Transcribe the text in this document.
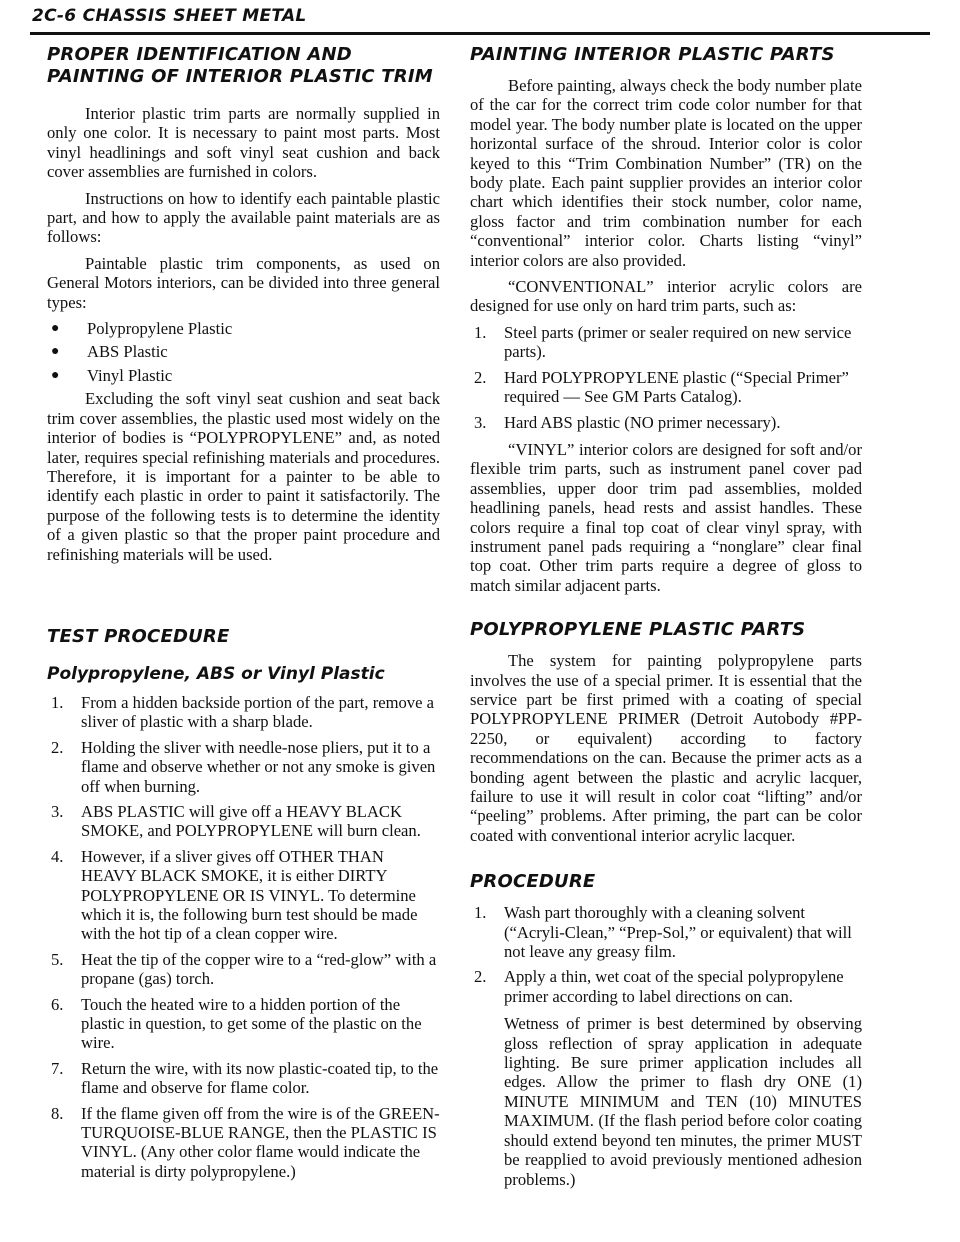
2C-6 CHASSIS SHEET METAL
PROPER IDENTIFICATION AND PAINTING OF INTERIOR PLASTIC TRIM

Interior plastic trim parts are normally supplied in only one color. It is necessary to paint most parts. Most vinyl headlinings and soft vinyl seat cushion and back cover assemblies are furnished in colors.

Instructions on how to identify each paintable plastic part, and how to apply the available paint materials are as follows:

Paintable plastic trim components, as used on General Motors interiors, can be divided into three general types:

● Polypropylene Plastic
● ABS Plastic
● Vinyl Plastic

Excluding the soft vinyl seat cushion and seat back trim cover assemblies, the plastic used most widely on the interior of bodies is “POLYPROPYLENE” and, as noted later, requires special refinishing materials and procedures. Therefore, it is important for a painter to be able to identify each plastic in order to paint it satisfactorily. The purpose of the following tests is to determine the identity of a given plastic so that the proper paint procedure and refinishing materials will be used.

TEST PROCEDURE
Polypropylene, ABS or Vinyl Plastic
1. From a hidden backside portion of the part, remove a sliver of plastic with a sharp blade.
2. Holding the sliver with needle-nose pliers, put it to a flame and observe whether or not any smoke is given off when burning.
3. ABS PLASTIC will give off a HEAVY BLACK SMOKE, and POLYPROPYLENE will burn clean.
4. However, if a sliver gives off OTHER THAN HEAVY BLACK SMOKE, it is either DIRTY POLYPROPYLENE OR IS VINYL. To determine which it is, the following burn test should be made with the hot tip of a clean copper wire.
5. Heat the tip of the copper wire to a “red-glow” with a propane (gas) torch.
6. Touch the heated wire to a hidden portion of the plastic in question, to get some of the plastic on the wire.
7. Return the wire, with its now plastic-coated tip, to the flame and observe for flame color.
8. If the flame given off from the wire is of the GREEN-TURQUOISE-BLUE RANGE, then the PLASTIC IS VINYL. (Any other color flame would indicate the material is dirty polypropylene.)
PAINTING INTERIOR PLASTIC PARTS

Before painting, always check the body number plate of the car for the correct trim code color number for that model year. The body number plate is located on the upper horizontal surface of the shroud. Interior color is color keyed to this “Trim Combination Number” (TR) on the body plate. Each paint supplier provides an interior color chart which identifies their stock number, color name, gloss factor and trim combination number for each “conventional” interior color. Charts listing “vinyl” interior colors are also provided.

“CONVENTIONAL” interior acrylic colors are designed for use only on hard trim parts, such as:

1. Steel parts (primer or sealer required on new service parts).
2. Hard POLYPROPYLENE plastic (“Special Primer” required — See GM Parts Catalog).
3. Hard ABS plastic (NO primer necessary).

“VINYL” interior colors are designed for soft and/or flexible trim parts, such as instrument panel cover pad assemblies, upper door trim pad assemblies, molded headlining panels, head rests and assist handles. These colors require a final top coat of clear vinyl spray, with instrument panel pads requiring a “nonglare” clear final top coat. Other trim parts require a degree of gloss to match similar adjacent parts.

POLYPROPYLENE PLASTIC PARTS

The system for painting polypropylene parts involves the use of a special primer. It is essential that the service part be first primed with a coating of special POLYPROPYLENE PRIMER (Detroit Autobody #PP-2250, or equivalent) according to factory recommendations on the can. Because the primer acts as a bonding agent between the plastic and acrylic lacquer, failure to use it will result in color coat “lifting” and/or “peeling” problems. After priming, the part can be color coated with conventional interior acrylic lacquer.

PROCEDURE
1. Wash part thoroughly with a cleaning solvent (“Acryli-Clean,” “Prep-Sol,” or equivalent) that will not leave any greasy film.
2. Apply a thin, wet coat of the special polypropylene primer according to label directions on can.

Wetness of primer is best determined by observing gloss reflection of spray application in adequate lighting. Be sure primer application includes all edges. Allow the primer to flash dry ONE (1) MINUTE MINIMUM and TEN (10) MINUTES MAXIMUM. (If the flash period before color coating should extend beyond ten minutes, the primer MUST be reapplied to avoid previously mentioned adhesion problems.)
